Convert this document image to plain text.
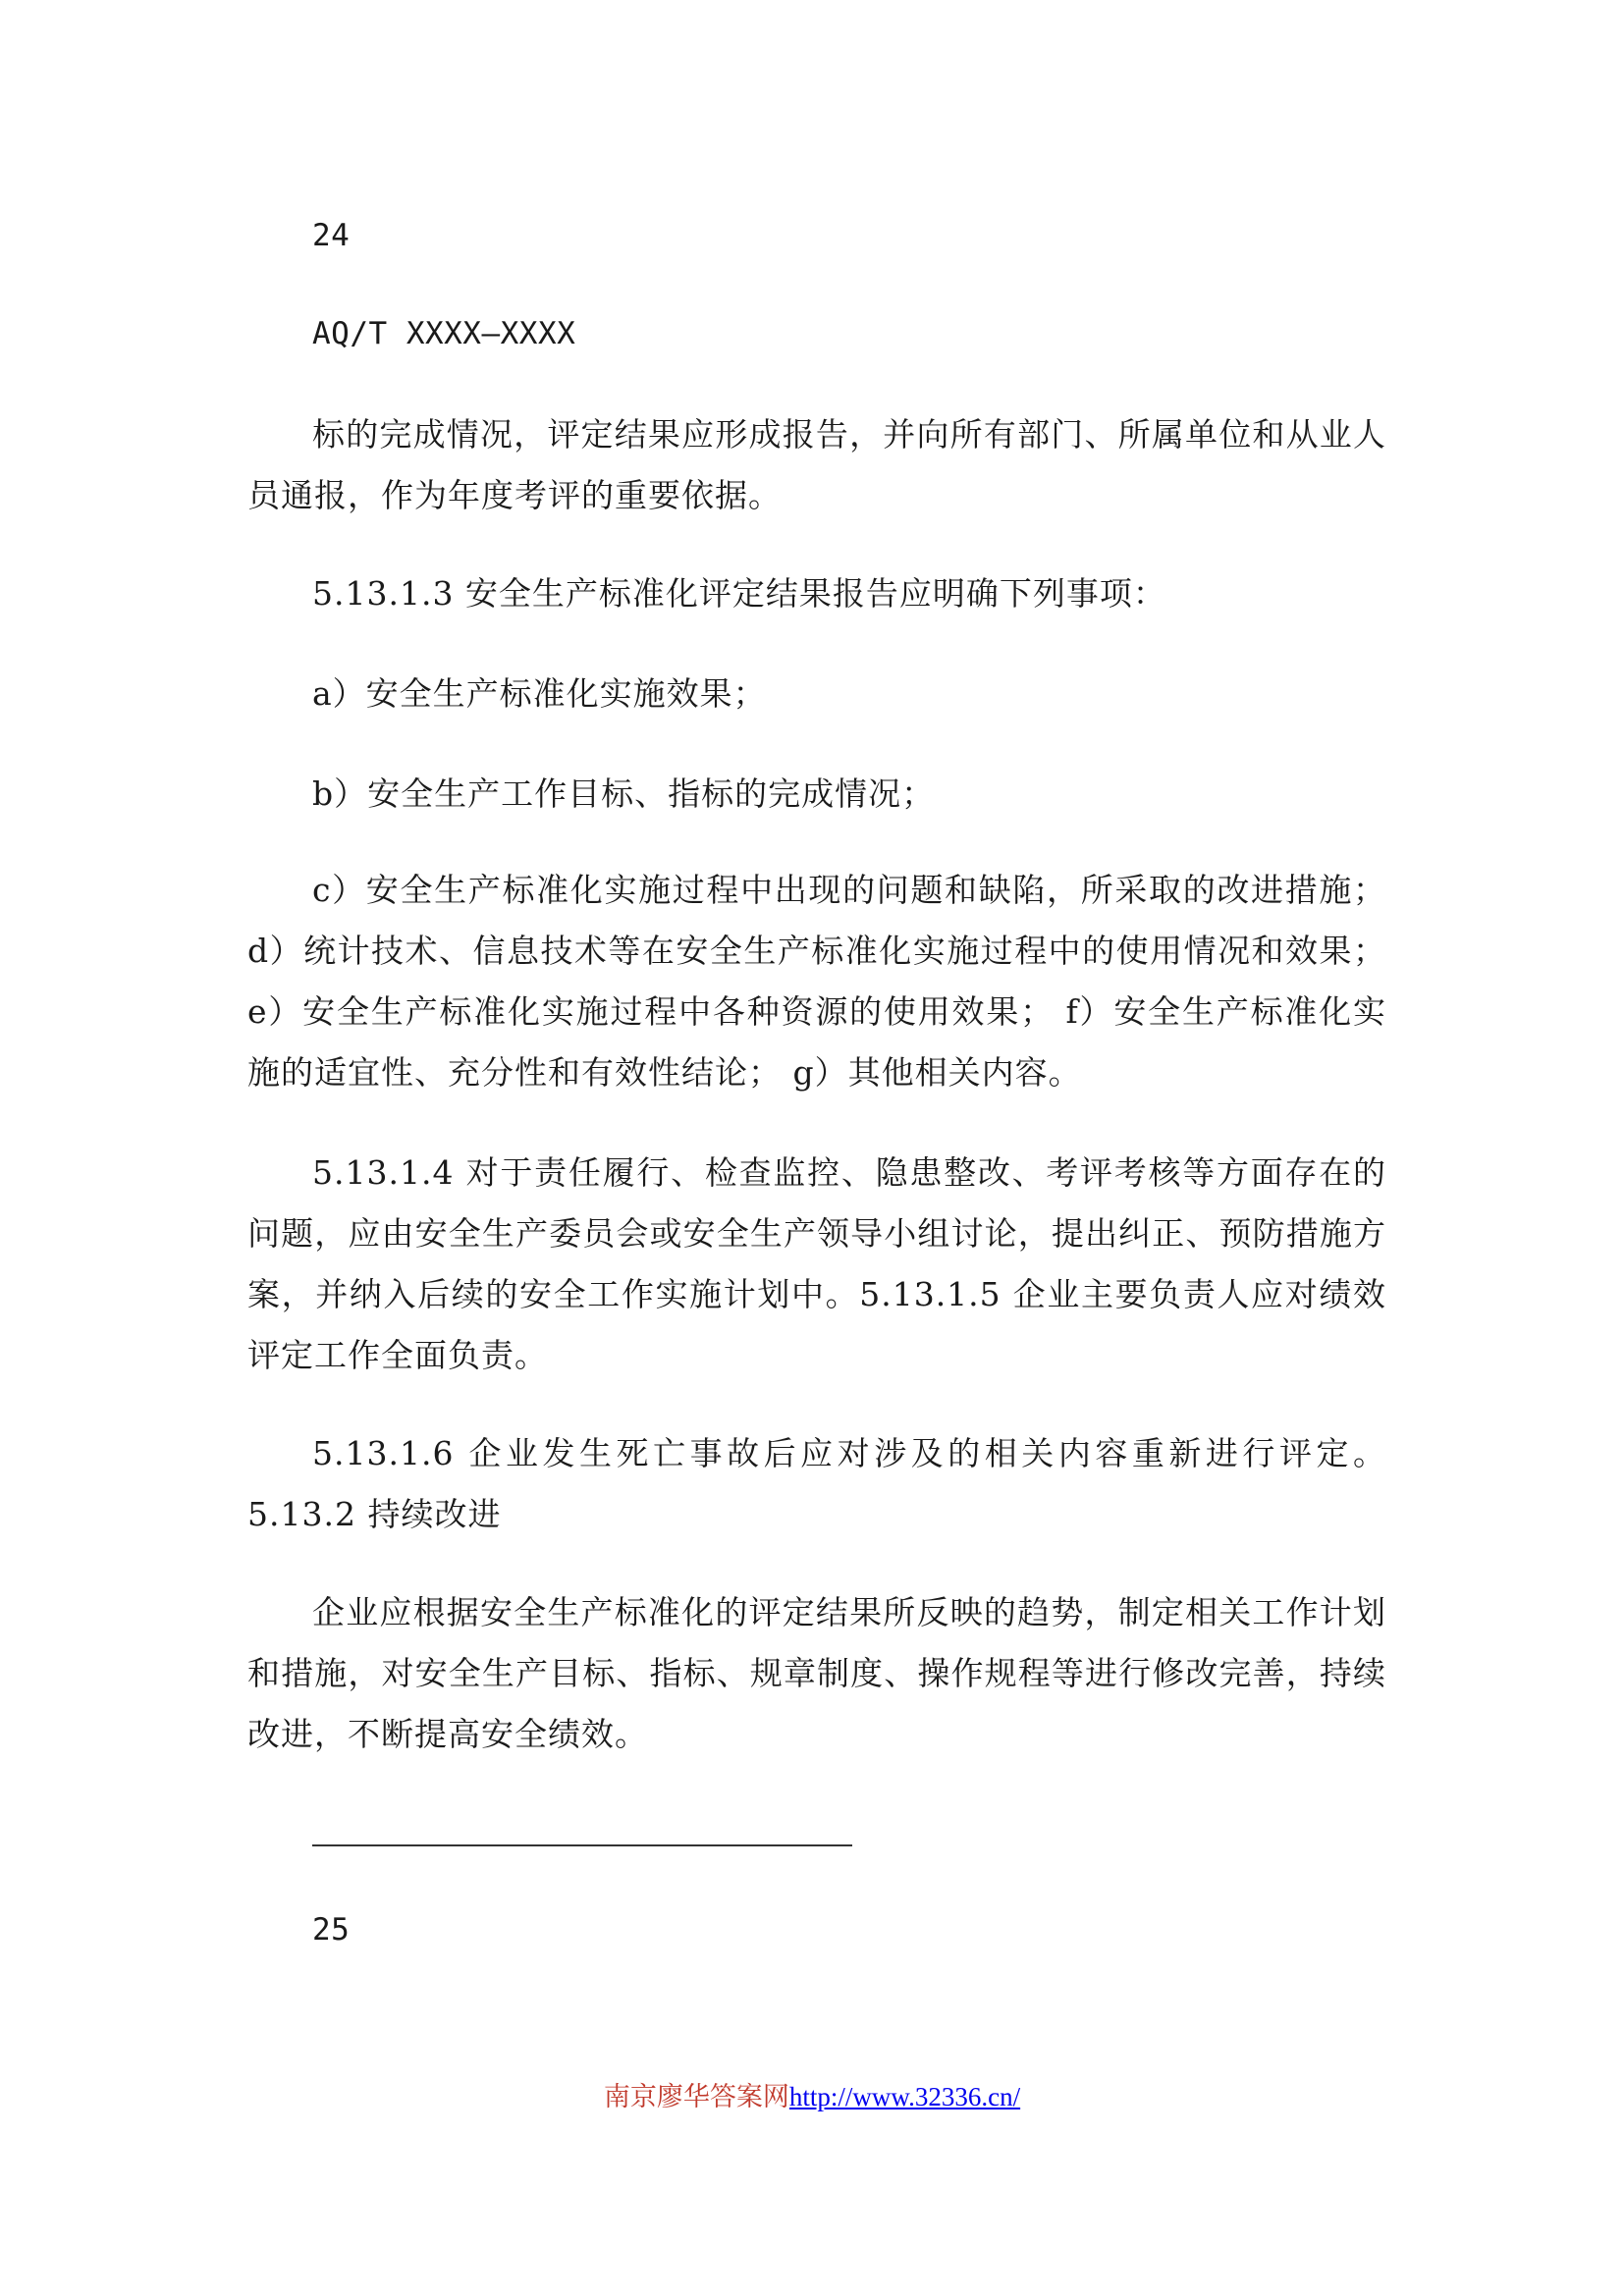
24

AQ/T XXXX—XXXX

标的完成情况，评定结果应形成报告，并向所有部门、所属单位和从业人员通报，作为年度考评的重要依据。

5.13.1.3 安全生产标准化评定结果报告应明确下列事项：

a）安全生产标准化实施效果；

b）安全生产工作目标、指标的完成情况；

c）安全生产标准化实施过程中出现的问题和缺陷，所采取的改进措施； d）统计技术、信息技术等在安全生产标准化实施过程中的使用情况和效果； e）安全生产标准化实施过程中各种资源的使用效果； f）安全生产标准化实施的适宜性、充分性和有效性结论； g）其他相关内容。

5.13.1.4 对于责任履行、检查监控、隐患整改、考评考核等方面存在的问题，应由安全生产委员会或安全生产领导小组讨论，提出纠正、预防措施方案，并纳入后续的安全工作实施计划中。5.13.1.5 企业主要负责人应对绩效评定工作全面负责。

5.13.1.6 企业发生死亡事故后应对涉及的相关内容重新进行评定。5.13.2 持续改进

企业应根据安全生产标准化的评定结果所反映的趋势，制定相关工作计划和措施，对安全生产目标、指标、规章制度、操作规程等进行修改完善，持续改进，不断提高安全绩效。

25

南京廖华答案网http://www.32336.cn/
